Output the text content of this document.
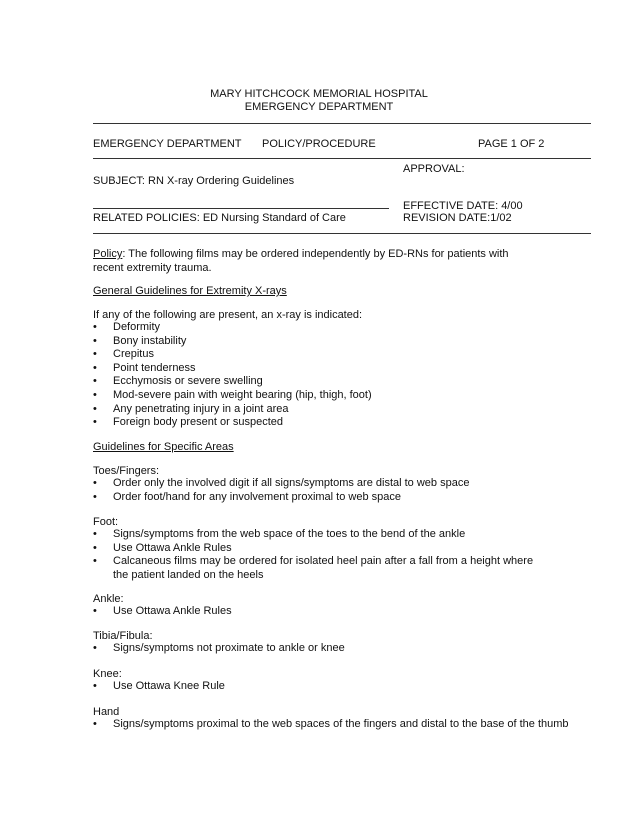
MARY HITCHCOCK MEMORIAL HOSPITAL
EMERGENCY DEPARTMENT
EMERGENCY DEPARTMENT POLICY/PROCEDURE	PAGE 1 OF 2
APPROVAL:
SUBJECT: RN X-ray Ordering Guidelines
EFFECTIVE DATE: 4/00
RELATED POLICIES: ED Nursing Standard of Care	REVISION DATE:1/02
Policy: The following films may be ordered independently by ED-RNs for patients with recent extremity trauma.
General Guidelines for Extremity X-rays
If any of the following are present, an x-ray is indicated:
• Deformity
• Bony instability
• Crepitus
• Point tenderness
• Ecchymosis or severe swelling
• Mod-severe pain with weight bearing (hip, thigh, foot)
• Any penetrating injury in a joint area
• Foreign body present or suspected
Guidelines for Specific Areas
Toes/Fingers:
• Order only the involved digit if all signs/symptoms are distal to web space
• Order foot/hand for any involvement proximal to web space
Foot:
• Signs/symptoms from the web space of the toes to the bend of the ankle
• Use Ottawa Ankle Rules
• Calcaneous films may be ordered for isolated heel pain after a fall from a height where the patient landed on the heels
Ankle:
• Use Ottawa Ankle Rules
Tibia/Fibula:
• Signs/symptoms not proximate to ankle or knee
Knee:
• Use Ottawa Knee Rule
Hand
• Signs/symptoms proximal to the web spaces of the fingers and distal to the base of the thumb
